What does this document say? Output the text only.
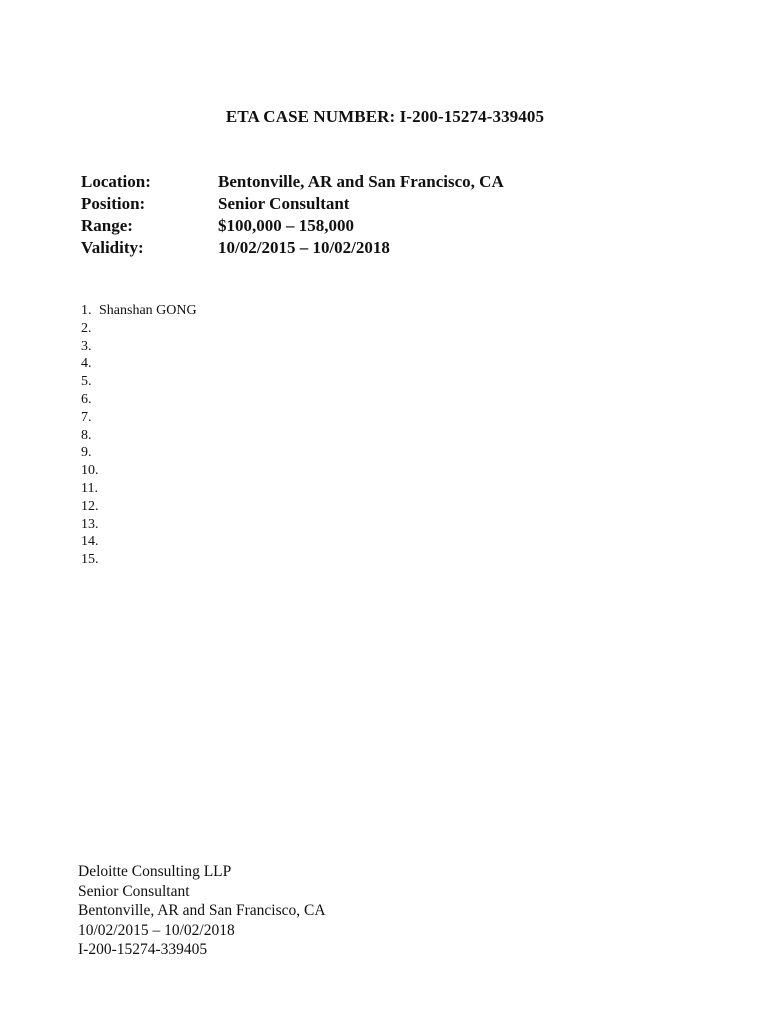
ETA CASE NUMBER: I-200-15274-339405
Location:	Bentonville, AR and San Francisco, CA
Position:	Senior Consultant
Range:	$100,000 – 158,000
Validity:	10/02/2015 – 10/02/2018
1. Shanshan GONG
2.
3.
4.
5.
6.
7.
8.
9.
10.
11.
12.
13.
14.
15.
Deloitte Consulting LLP
Senior Consultant
Bentonville, AR and San Francisco, CA
10/02/2015 – 10/02/2018
I-200-15274-339405
